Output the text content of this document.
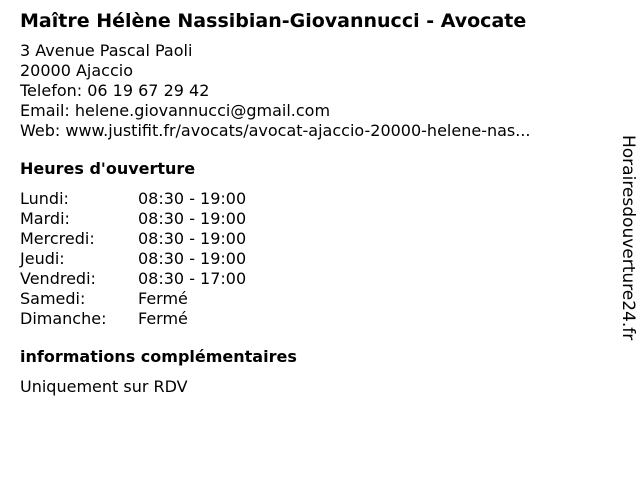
Maître Hélène Nassibian-Giovannucci - Avocate
3 Avenue Pascal Paoli
20000 Ajaccio
Telefon: 06 19 67 29 42
Email: helene.giovannucci@gmail.com
Web: www.justifit.fr/avocats/avocat-ajaccio-20000-helene-nas...
Heures d'ouverture
Lundi:	08:30 - 19:00
Mardi:	08:30 - 19:00
Mercredi:	08:30 - 19:00
Jeudi:	08:30 - 19:00
Vendredi:	08:30 - 17:00
Samedi:	Fermé
Dimanche:	Fermé
informations complémentaires
Uniquement sur RDV
Horairesdouverture24.fr
